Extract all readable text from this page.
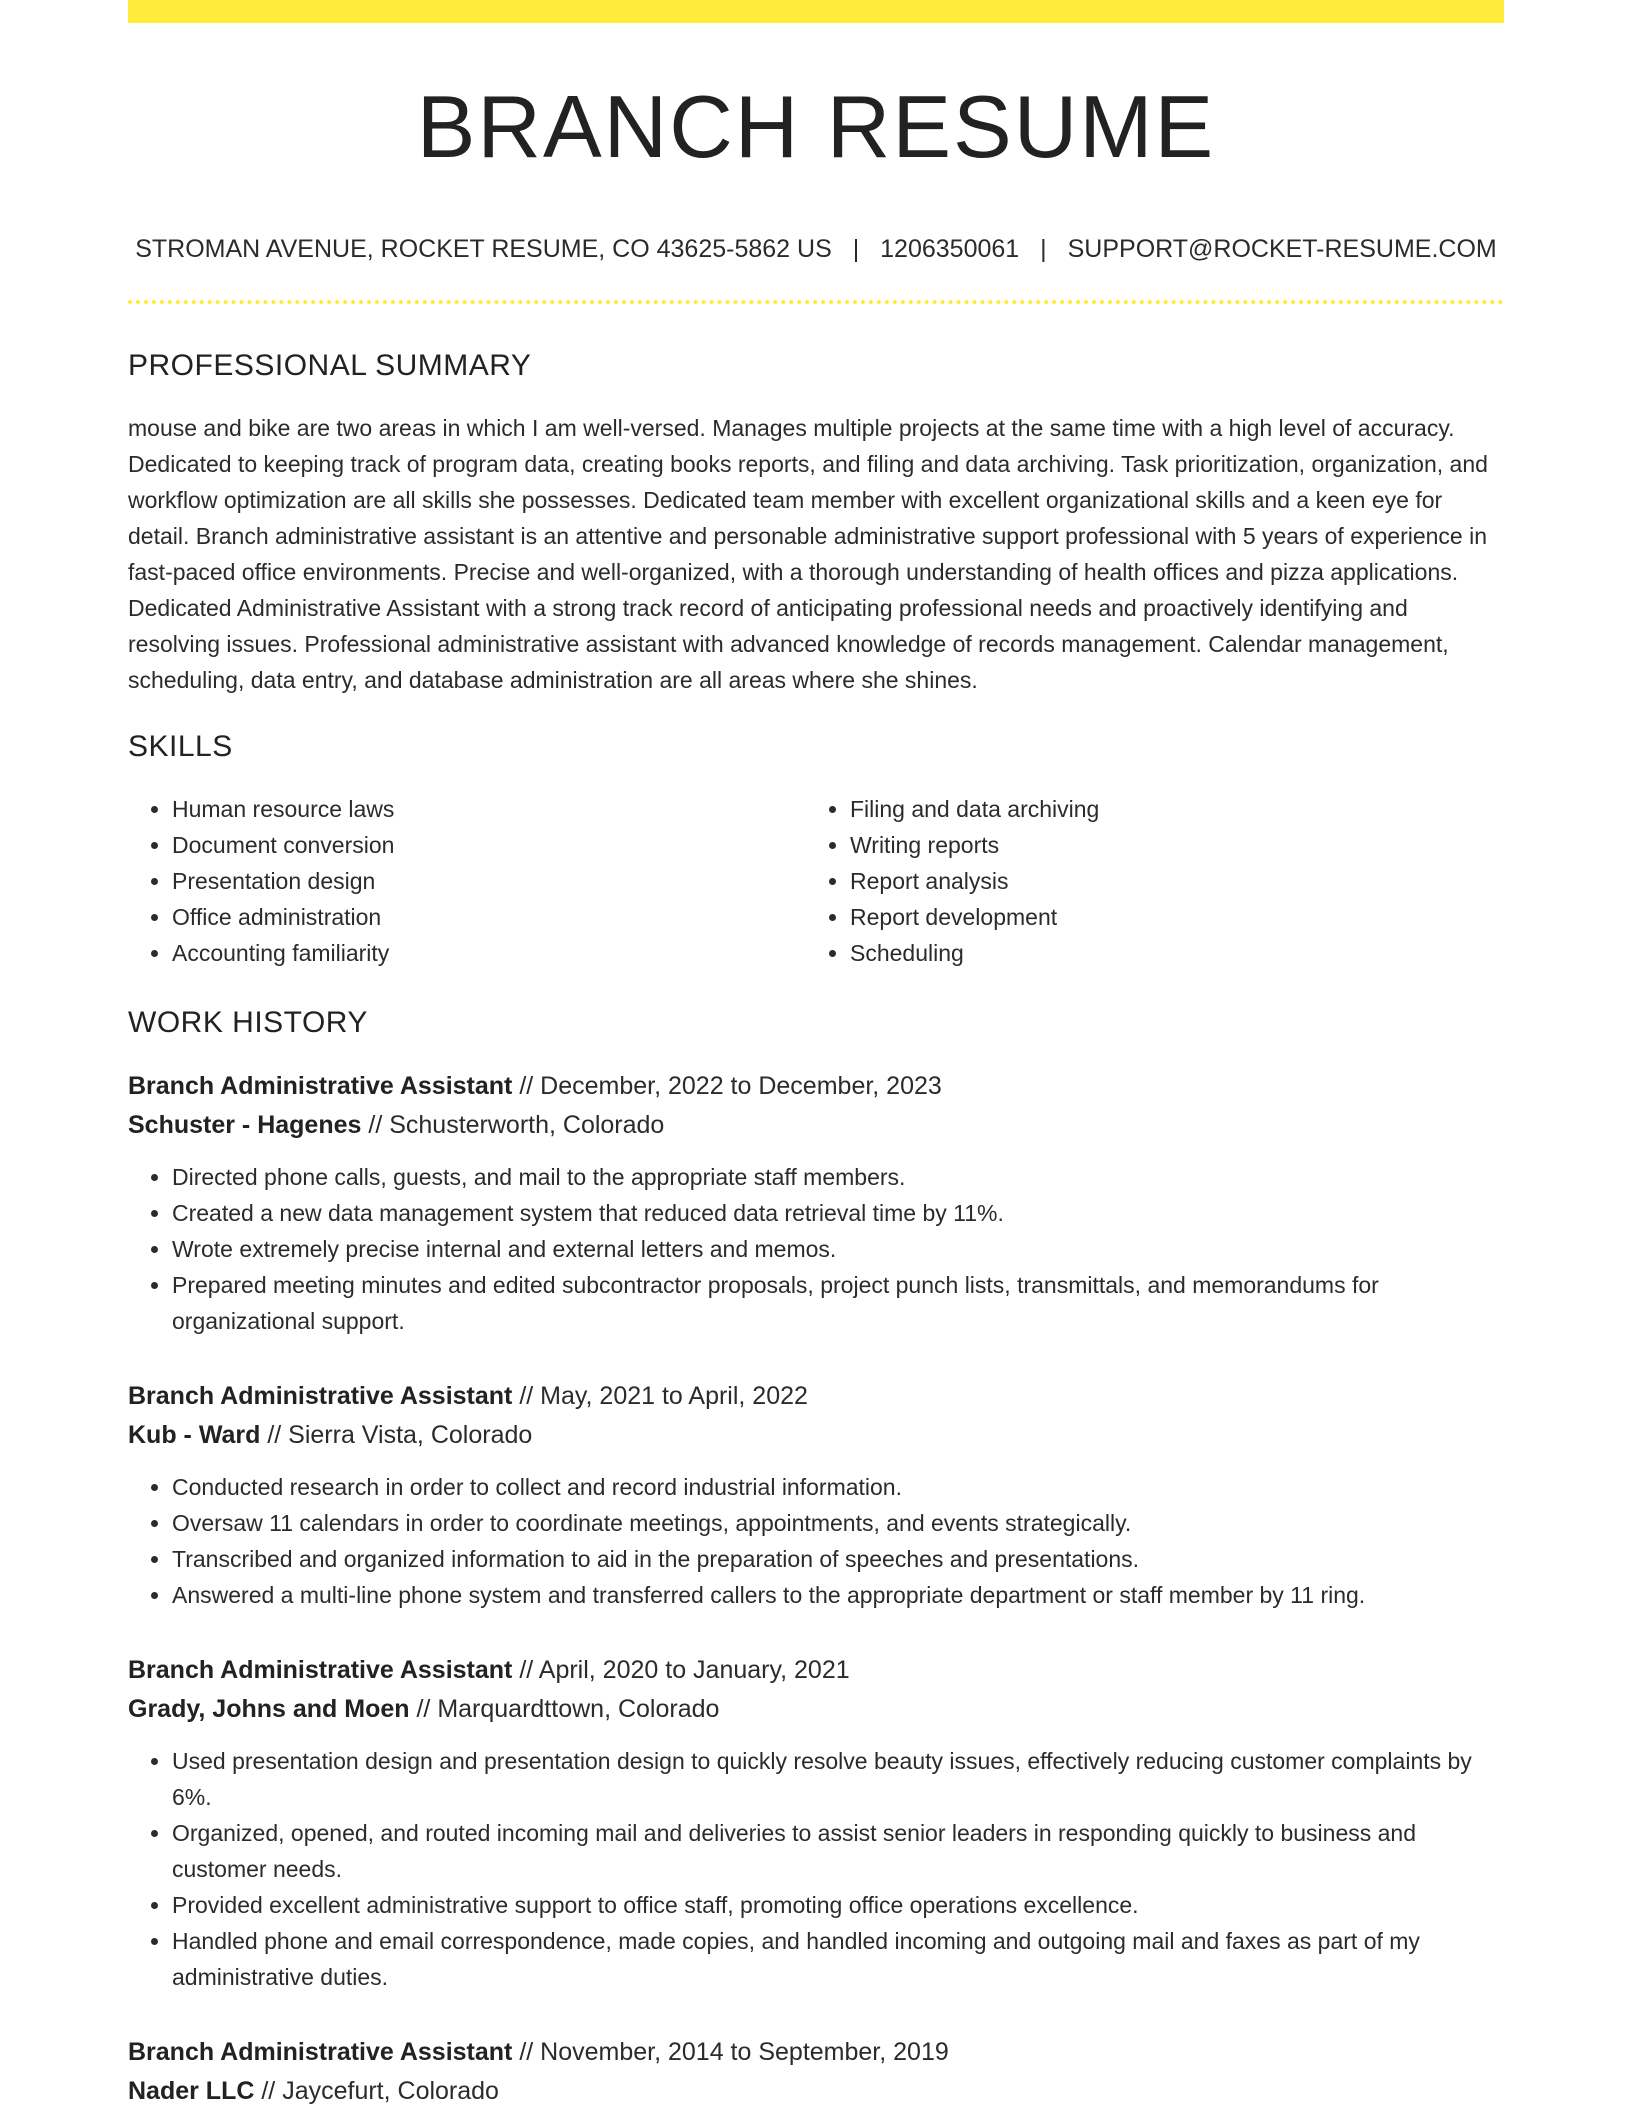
BRANCH RESUME
STROMAN AVENUE, ROCKET RESUME, CO 43625-5862 US | 1206350061 | SUPPORT@ROCKET-RESUME.COM
PROFESSIONAL SUMMARY
mouse and bike are two areas in which I am well-versed. Manages multiple projects at the same time with a high level of accuracy. Dedicated to keeping track of program data, creating books reports, and filing and data archiving. Task prioritization, organization, and workflow optimization are all skills she possesses. Dedicated team member with excellent organizational skills and a keen eye for detail. Branch administrative assistant is an attentive and personable administrative support professional with 5 years of experience in fast-paced office environments. Precise and well-organized, with a thorough understanding of health offices and pizza applications. Dedicated Administrative Assistant with a strong track record of anticipating professional needs and proactively identifying and resolving issues. Professional administrative assistant with advanced knowledge of records management. Calendar management, scheduling, data entry, and database administration are all areas where she shines.
SKILLS
• Human resource laws
• Document conversion
• Presentation design
• Office administration
• Accounting familiarity
• Filing and data archiving
• Writing reports
• Report analysis
• Report development
• Scheduling
WORK HISTORY
Branch Administrative Assistant // December, 2022 to December, 2023
Schuster - Hagenes // Schusterworth, Colorado
• Directed phone calls, guests, and mail to the appropriate staff members.
• Created a new data management system that reduced data retrieval time by 11%.
• Wrote extremely precise internal and external letters and memos.
• Prepared meeting minutes and edited subcontractor proposals, project punch lists, transmittals, and memorandums for organizational support.
Branch Administrative Assistant // May, 2021 to April, 2022
Kub - Ward // Sierra Vista, Colorado
• Conducted research in order to collect and record industrial information.
• Oversaw 11 calendars in order to coordinate meetings, appointments, and events strategically.
• Transcribed and organized information to aid in the preparation of speeches and presentations.
• Answered a multi-line phone system and transferred callers to the appropriate department or staff member by 11 ring.
Branch Administrative Assistant // April, 2020 to January, 2021
Grady, Johns and Moen // Marquardttown, Colorado
• Used presentation design and presentation design to quickly resolve beauty issues, effectively reducing customer complaints by 6%.
• Organized, opened, and routed incoming mail and deliveries to assist senior leaders in responding quickly to business and customer needs.
• Provided excellent administrative support to office staff, promoting office operations excellence.
• Handled phone and email correspondence, made copies, and handled incoming and outgoing mail and faxes as part of my administrative duties.
Branch Administrative Assistant // November, 2014 to September, 2019
Nader LLC // Jaycefurt, Colorado
